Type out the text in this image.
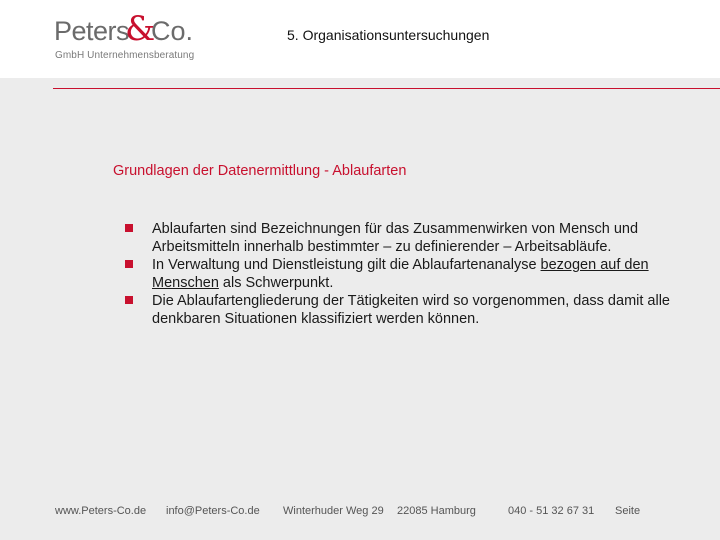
Peters
&
Co.
GmbH Unternehmensberatung
5. Organisationsuntersuchungen
Grundlagen der Datenermittlung - Ablaufarten
Ablaufarten sind Bezeichnungen für das Zusammenwirken von Mensch und Arbeitsmitteln innerhalb bestimmter – zu definierender – Arbeitsabläufe.
In Verwaltung und Dienstleistung gilt die Ablaufartenanalyse bezogen auf den Menschen als Schwerpunkt.
Die Ablaufartengliederung der Tätigkeiten wird so vorgenommen, dass damit alle denkbaren Situationen klassifiziert werden können.
www.Peters-Co.de info@Peters-Co.de Winterhuder Weg 29 22085 Hamburg	040 - 51 32 67 31 Seite
